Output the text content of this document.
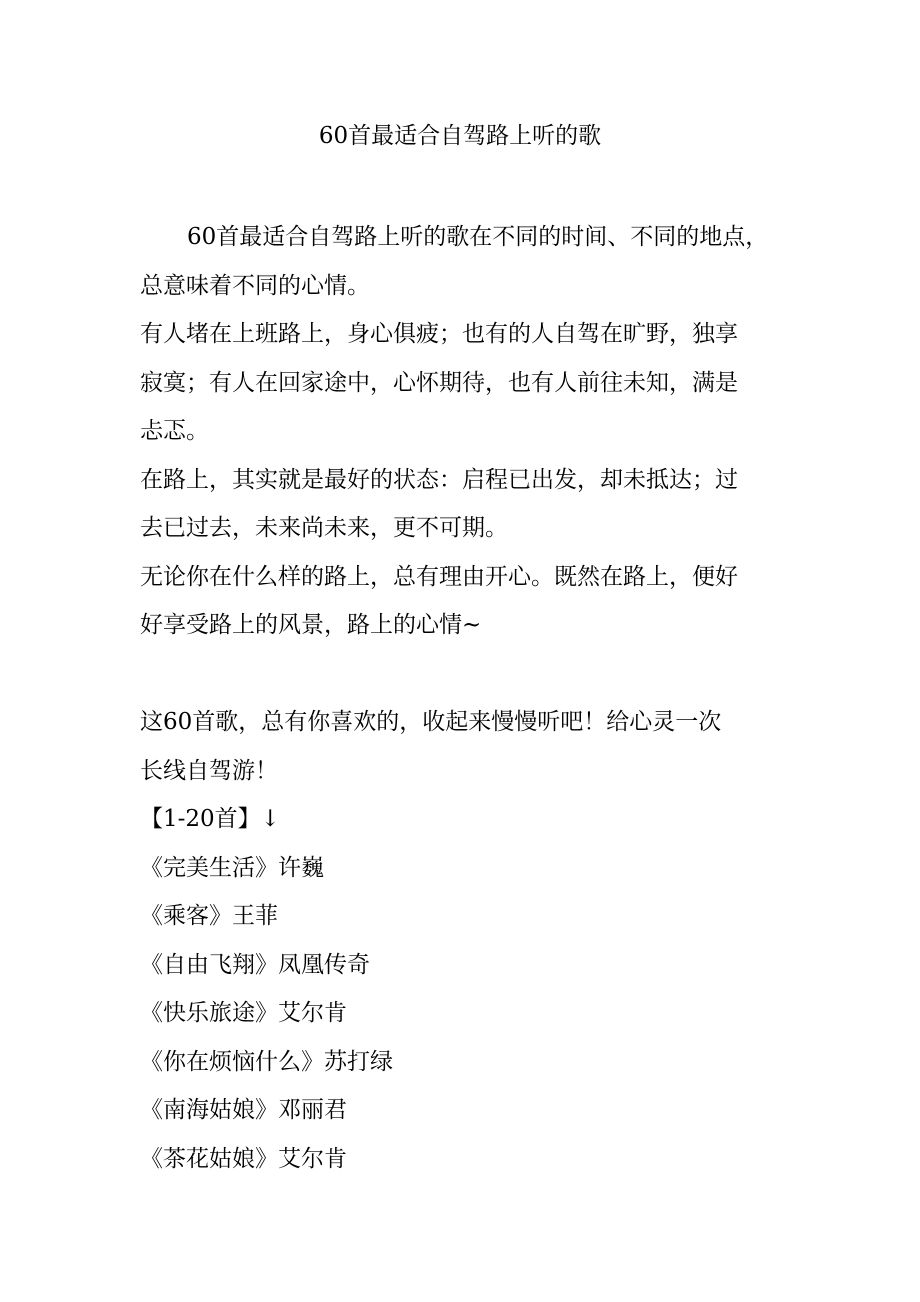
60首最适合自驾路上听的歌
60首最适合自驾路上听的歌在不同的时间、不同的地点，
总意味着不同的心情。
有人堵在上班路上，身心俱疲；也有的人自驾在旷野，独享
寂寞；有人在回家途中，心怀期待，也有人前往未知，满是
忐忑。
在路上，其实就是最好的状态：启程已出发，却未抵达；过
去已过去，未来尚未来，更不可期。
无论你在什么样的路上，总有理由开心。既然在路上，便好
好享受路上的风景，路上的心情~
这60首歌，总有你喜欢的，收起来慢慢听吧！给心灵一次
长线自驾游！
【1-20首】↓
《完美生活》许巍
《乘客》王菲
《自由飞翔》凤凰传奇
《快乐旅途》艾尔肯
《你在烦恼什么》苏打绿
《南海姑娘》邓丽君
《茶花姑娘》艾尔肯
